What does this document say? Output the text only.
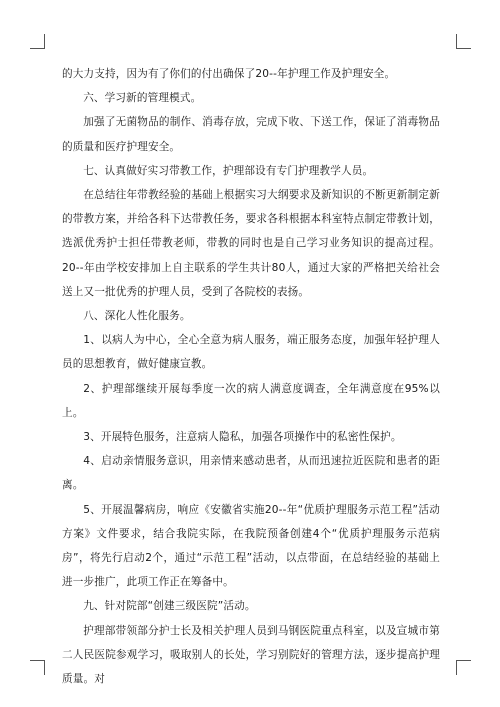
的大力支持，因为有了你们的付出确保了20--年护理工作及护理安全。

六、学习新的管理模式。

加强了无菌物品的制作、消毒存放，完成下收、下送工作，保证了消毒物品的质量和医疗护理安全。

七、认真做好实习带教工作，护理部设有专门护理教学人员。

在总结往年带教经验的基础上根据实习大纲要求及新知识的不断更新制定新的带教方案，并给各科下达带教任务，要求各科根据本科室特点制定带教计划，选派优秀护士担任带教老师，带教的同时也是自己学习业务知识的提高过程。20--年由学校安排加上自主联系的学生共计80人，通过大家的严格把关给社会送上又一批优秀的护理人员，受到了各院校的表扬。

八、深化人性化服务。

1、以病人为中心，全心全意为病人服务，端正服务态度，加强年轻护理人员的思想教育，做好健康宣教。

2、护理部继续开展每季度一次的病人满意度调查，全年满意度在95%以上。

3、开展特色服务，注意病人隐私，加强各项操作中的私密性保护。

4、启动亲情服务意识，用亲情来感动患者，从而迅速拉近医院和患者的距离。

5、开展温馨病房，响应《安徽省实施20--年“优质护理服务示范工程”活动方案》文件要求，结合我院实际，在我院预备创建4个“优质护理服务示范病房”，将先行启动2个，通过“示范工程”活动，以点带面，在总结经验的基础上进一步推广，此项工作正在筹备中。

九、针对院部“创建三级医院”活动。

护理部带领部分护士长及相关护理人员到马钢医院重点科室，以及宣城市第二人民医院参观学习，吸取别人的长处，学习别院好的管理方法，逐步提高护理质量。对
